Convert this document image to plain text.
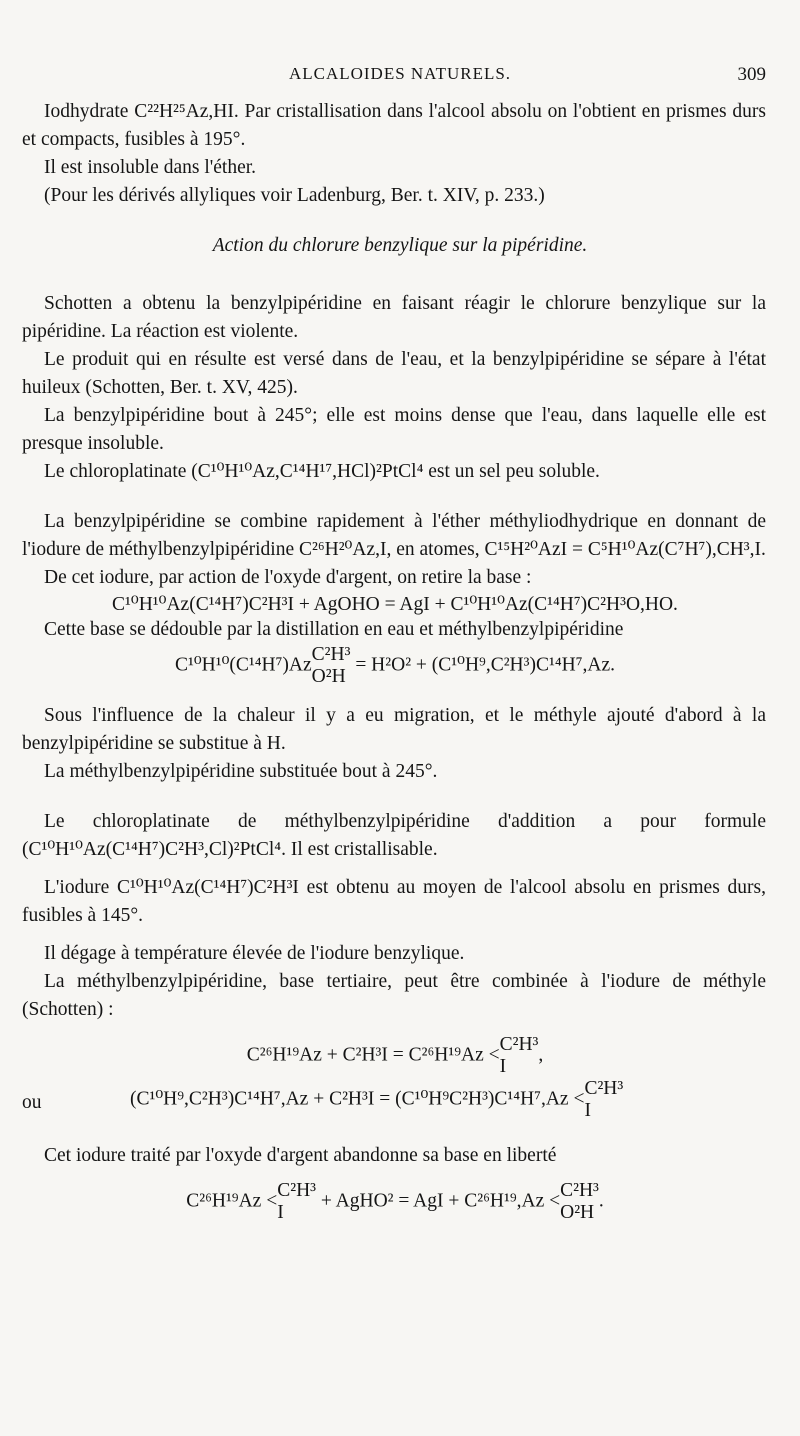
ALCALOIDES NATURELS.	309

Iodhydrate C²²H²⁵Az,HI. Par cristallisation dans l'alcool absolu on l'obtient en prismes durs et compacts, fusibles à 195°.

Il est insoluble dans l'éther.

(Pour les dérivés allyliques voir Ladenburg, Ber. t. XIV, p. 233.)

Action du chlorure benzylique sur la pipéridine.

Schotten a obtenu la benzylpipéridine en faisant réagir le chlorure benzylique sur la pipéridine. La réaction est violente.

Le produit qui en résulte est versé dans de l'eau, et la benzylpipéridine se sépare à l'état huileux (Schotten, Ber. t. XV, 425).

La benzylpipéridine bout à 245°; elle est moins dense que l'eau, dans laquelle elle est presque insoluble.

Le chloroplatinate (C¹⁰H¹⁰Az,C¹⁴H¹⁷,HCl)²PtCl⁴ est un sel peu soluble.

La benzylpipéridine se combine rapidement à l'éther méthyliodhydrique en donnant de l'iodure de méthylbenzylpipéridine C²⁶H²⁰Az,I, en atomes, C¹⁵H²⁰AzI = C⁵H¹⁰Az(C⁷H⁷),CH³,I.

De cet iodure, par action de l'oxyde d'argent, on retire la base :

C¹⁰H¹⁰Az(C¹⁴H⁷)C²H³I + AgOHO = AgI + C¹⁰H¹⁰Az(C¹⁴H⁷)C²H³O,HO.

Cette base se dédouble par la distillation en eau et méthylbenzylpipéridine

C¹⁰H¹⁰(C¹⁴H⁷)AzC²H³
O²H = H²O² + (C¹⁰H⁹,C²H³)C¹⁴H⁷,Az.

Sous l'influence de la chaleur il y a eu migration, et le méthyle ajouté d'abord à la benzylpipéridine se substitue à H.

La méthylbenzylpipéridine substituée bout à 245°.

Le chloroplatinate de méthylbenzylpipéridine d'addition a pour formule (C¹⁰H¹⁰Az(C¹⁴H⁷)C²H³,Cl)²PtCl⁴. Il est cristallisable.

L'iodure C¹⁰H¹⁰Az(C¹⁴H⁷)C²H³I est obtenu au moyen de l'alcool absolu en prismes durs, fusibles à 145°.

Il dégage à température élevée de l'iodure benzylique.

La méthylbenzylpipéridine, base tertiaire, peut être combinée à l'iodure de méthyle (Schotten) :

C²⁶H¹⁹Az + C²H³I = C²⁶H¹⁹Az <C²H³
I,

ou	(C¹⁰H⁹,C²H³)C¹⁴H⁷,Az + C²H³I = (C¹⁰H⁹C²H³)C¹⁴H⁷,Az <C²H³
I

Cet iodure traité par l'oxyde d'argent abandonne sa base en liberté

C²⁶H¹⁹Az <C²H³
I + AgHO² = AgI + C²⁶H¹⁹,Az <C²H³
O²H.
